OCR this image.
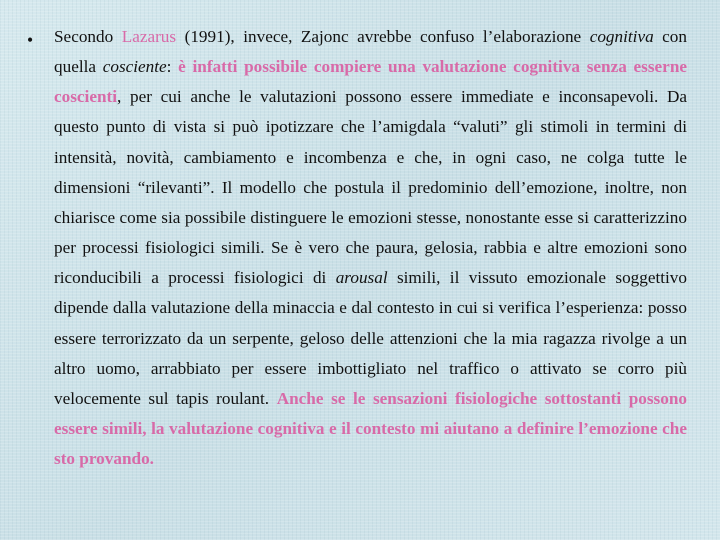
• Secondo Lazarus (1991), invece, Zajonc avrebbe confuso l’elaborazione cognitiva con quella cosciente: è infatti possibile compiere una valutazione cognitiva senza esserne coscienti, per cui anche le valutazioni possono essere immediate e inconsapevoli. Da questo punto di vista si può ipotizzare che l’amigdala “valuti” gli stimoli in termini di intensità, novità, cambiamento e incombenza e che, in ogni caso, ne colga tutte le dimensioni “rilevanti”. Il modello che postula il predominio dell’emozione, inoltre, non chiarisce come sia possibile distinguere le emozioni stesse, nonostante esse si caratterizzino per processi fisiologici simili. Se è vero che paura, gelosia, rabbia e altre emozioni sono riconducibili a processi fisiologici di arousal simili, il vissuto emozionale soggettivo dipende dalla valutazione della minaccia e dal contesto in cui si verifica l’esperienza: posso essere terrorizzato da un serpente, geloso delle attenzioni che la mia ragazza rivolge a un altro uomo, arrabbiato per essere imbottigliato nel traffico o attivato se corro più velocemente sul tapis roulant. Anche se le sensazioni fisiologiche sottostanti possono essere simili, la valutazione cognitiva e il contesto mi aiutano a definire l’emozione che sto provando.
